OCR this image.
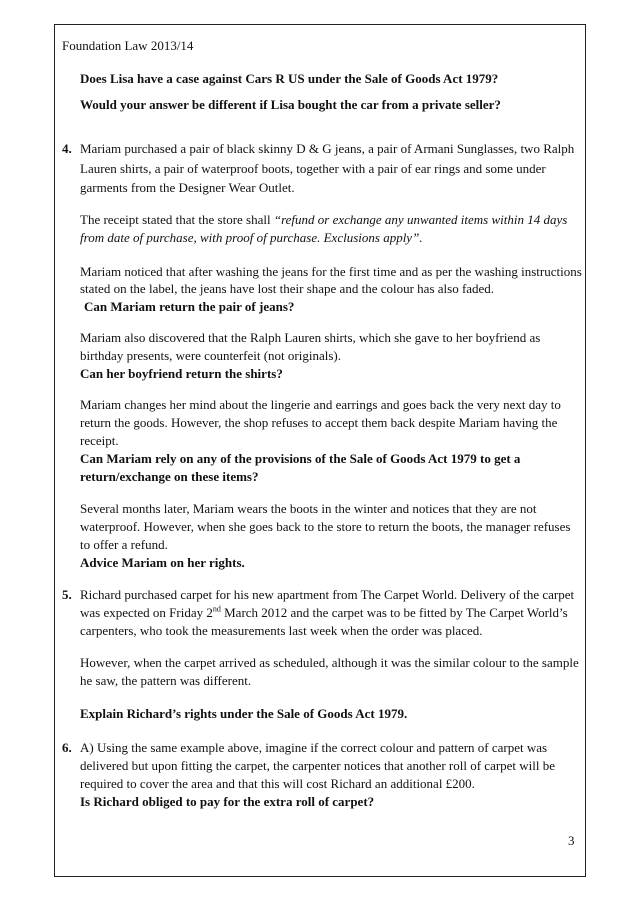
Foundation Law 2013/14
Does Lisa have a case against Cars R US under the Sale of Goods Act 1979?
Would your answer be different if Lisa bought the car from a private seller?
4. Mariam purchased a pair of black skinny D & G jeans, a pair of Armani Sunglasses, two Ralph
Lauren shirts, a pair of waterproof boots, together with a pair of ear rings and some under
garments from the Designer Wear Outlet.
The receipt stated that the store shall “refund or exchange any unwanted items within 14 days
from date of purchase, with proof of purchase. Exclusions apply”.
Mariam noticed that after washing the jeans for the first time and as per the washing instructions
stated on the label, the jeans have lost their shape and the colour has also faded.
Can Mariam return the pair of jeans?
Mariam also discovered that the Ralph Lauren shirts, which she gave to her boyfriend as
birthday presents, were counterfeit (not originals).
Can her boyfriend return the shirts?
Mariam changes her mind about the lingerie and earrings and goes back the very next day to
return the goods. However, the shop refuses to accept them back despite Mariam having the
receipt.
Can Mariam rely on any of the provisions of the Sale of Goods Act 1979 to get a
return/exchange on these items?
Several months later, Mariam wears the boots in the winter and notices that they are not
waterproof. However, when she goes back to the store to return the boots, the manager refuses
to offer a refund.
Advice Mariam on her rights.
5. Richard purchased carpet for his new apartment from The Carpet World. Delivery of the carpet
was expected on Friday 2nd March 2012 and the carpet was to be fitted by The Carpet World’s
carpenters, who took the measurements last week when the order was placed.
However, when the carpet arrived as scheduled, although it was the similar colour to the sample
he saw, the pattern was different.
Explain Richard’s rights under the Sale of Goods Act 1979.
6. A) Using the same example above, imagine if the correct colour and pattern of carpet was
delivered but upon fitting the carpet, the carpenter notices that another roll of carpet will be
required to cover the area and that this will cost Richard an additional £200.
Is Richard obliged to pay for the extra roll of carpet?
3
